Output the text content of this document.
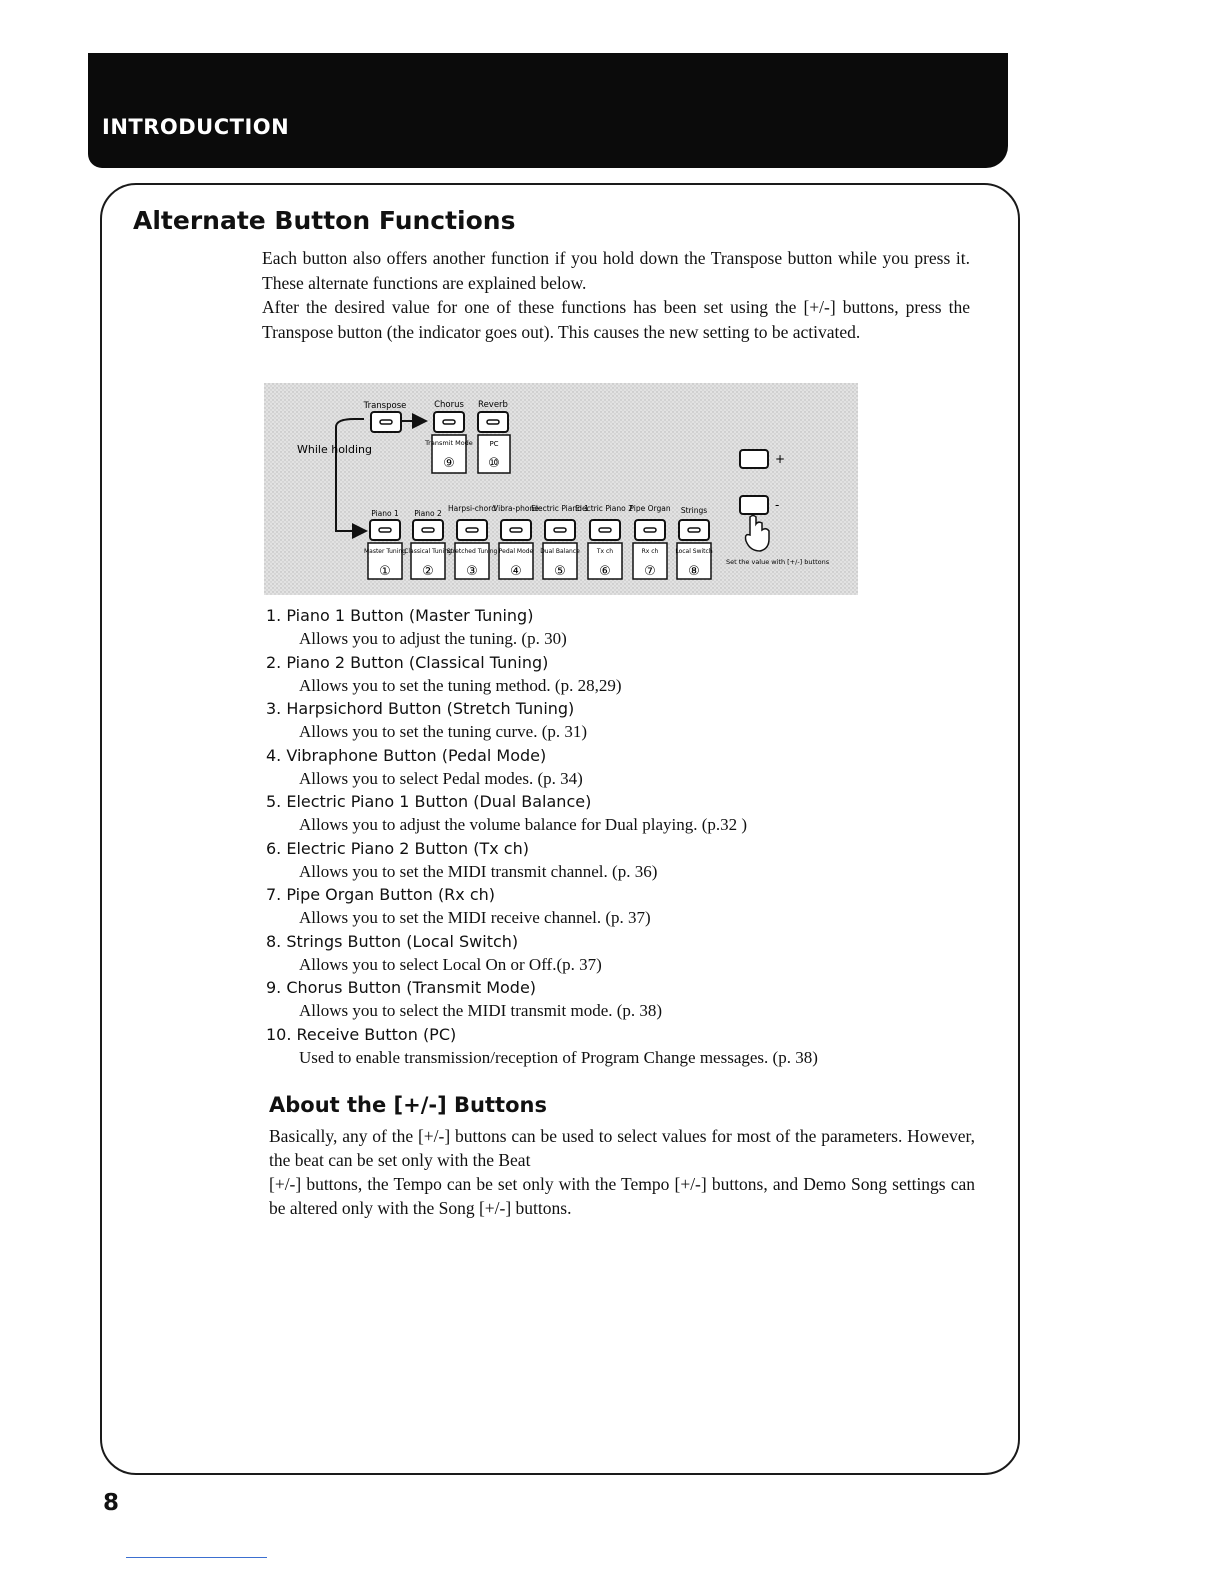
INTRODUCTION
Alternate Button Functions

Each button also offers another function if you hold down the Transpose button while you press it. These alternate functions are explained below.

After the desired value for one of these functions has been set using the [+/-] buttons, press the Transpose button (the indicator goes out). This causes the new setting to be activated.

While holding
Transpose	Chorus Reverb
Transmit Mode
⑨
PC
⑩
Piano 1 Piano 2
Harpsi-chord
Vibra-phone
Electric Piano 1
Electric Piano 2
Pipe Organ Strings
Master Tuning
①
Classical Tuning
②
Stretched Tuning
③
Pedal Mode
④
Dual Balance
⑤
Tx ch
⑥
Rx ch
⑦
Local Switch
⑧
+
-
Set the value with [+/-] buttons
1. Piano 1 Button (Master Tuning)
Allows you to adjust the tuning. (p. 30)
2. Piano 2 Button (Classical Tuning)
Allows you to set the tuning method. (p. 28,29)
3. Harpsichord Button (Stretch Tuning)
Allows you to set the tuning curve. (p. 31)
4. Vibraphone Button (Pedal Mode)
Allows you to select Pedal modes. (p. 34)
5. Electric Piano 1 Button (Dual Balance)
Allows you to adjust the volume balance for Dual playing. (p.32 )
6. Electric Piano 2 Button (Tx ch)
Allows you to set the MIDI transmit channel. (p. 36)
7. Pipe Organ Button (Rx ch)
Allows you to set the MIDI receive channel. (p. 37)
8. Strings Button (Local Switch)
Allows you to select Local On or Off.(p. 37)
9. Chorus Button (Transmit Mode)
Allows you to select the MIDI transmit mode. (p. 38)
10. Receive Button (PC)
Used to enable transmission/reception of Program Change messages. (p. 38)
About the [+/-] Buttons

Basically, any of the [+/-] buttons can be used to select values for most of the parameters. However, the beat can be set only with the Beat

[+/-] buttons, the Tempo can be set only with the Tempo [+/-] buttons, and Demo Song settings can be altered only with the Song [+/-] buttons.

8
